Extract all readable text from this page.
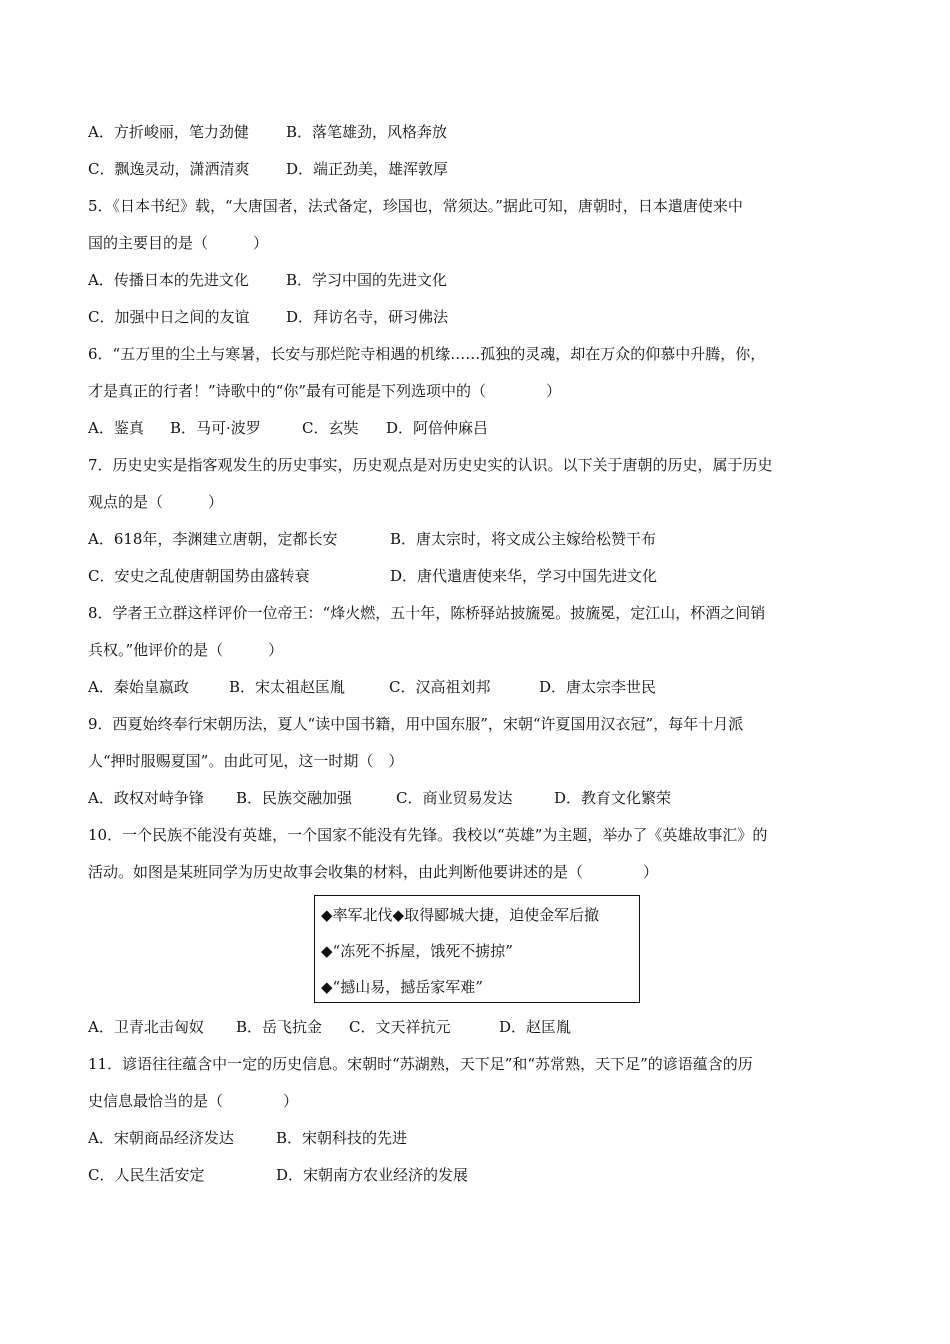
A．方折峻丽，笔力劲健	B．落笔雄劲，风格奔放
C．飘逸灵动，潇洒清爽	D．端正劲美，雄浑敦厚
5．《日本书纪》载，“大唐国者，法式备定，珍国也，常须达。”据此可知，唐朝时，日本遣唐使来中
国的主要目的是（　　　）
A．传播日本的先进文化	B．学习中国的先进文化
C．加强中日之间的友谊	D．拜访名寺，研习佛法
6．“五万里的尘土与寒暑，长安与那烂陀寺相遇的机缘……孤独的灵魂，却在万众的仰慕中升腾，你，
才是真正的行者！”诗歌中的“你”最有可能是下列选项中的（　　　　）
A．鉴真	B．马可·波罗	C．玄奘	D．阿倍仲麻吕
7．历史史实是指客观发生的历史事实，历史观点是对历史史实的认识。以下关于唐朝的历史，属于历史
观点的是（　　　）
A．618年，李渊建立唐朝，定都长安	B．唐太宗时，将文成公主嫁给松赞干布
C．安史之乱使唐朝国势由盛转衰	D．唐代遣唐使来华，学习中国先进文化
8．学者王立群这样评价一位帝王：“烽火燃，五十年，陈桥驿站披旒冕。披旒冕，定江山，杯酒之间销
兵权。”他评价的是（　　　）
A．秦始皇嬴政	B．宋太祖赵匡胤	C．汉高祖刘邦	D．唐太宗李世民
9．西夏始终奉行宋朝历法，夏人“读中国书籍，用中国东服”，宋朝“许夏国用汉衣冠”，每年十月派
人“押时服赐夏国”。由此可见，这一时期（　）
A．政权对峙争锋	B．民族交融加强	C．商业贸易发达	D．教育文化繁荣
10．一个民族不能没有英雄，一个国家不能没有先锋。我校以“英雄”为主题，举办了《英雄故事汇》的
活动。如图是某班同学为历史故事会收集的材料，由此判断他要讲述的是（　　　　）
◆率军北伐◆取得郾城大捷，迫使金军后撤
◆“冻死不拆屋，饿死不掳掠”
◆“撼山易，撼岳家军难”
A．卫青北击匈奴	B．岳飞抗金	C．文天祥抗元	D．赵匡胤
11．谚语往往蕴含中一定的历史信息。宋朝时“苏湖熟，天下足”和“苏常熟，天下足”的谚语蕴含的历
史信息最恰当的是（　　　　）
A．宋朝商品经济发达	B．宋朝科技的先进
C．人民生活安定	D．宋朝南方农业经济的发展
